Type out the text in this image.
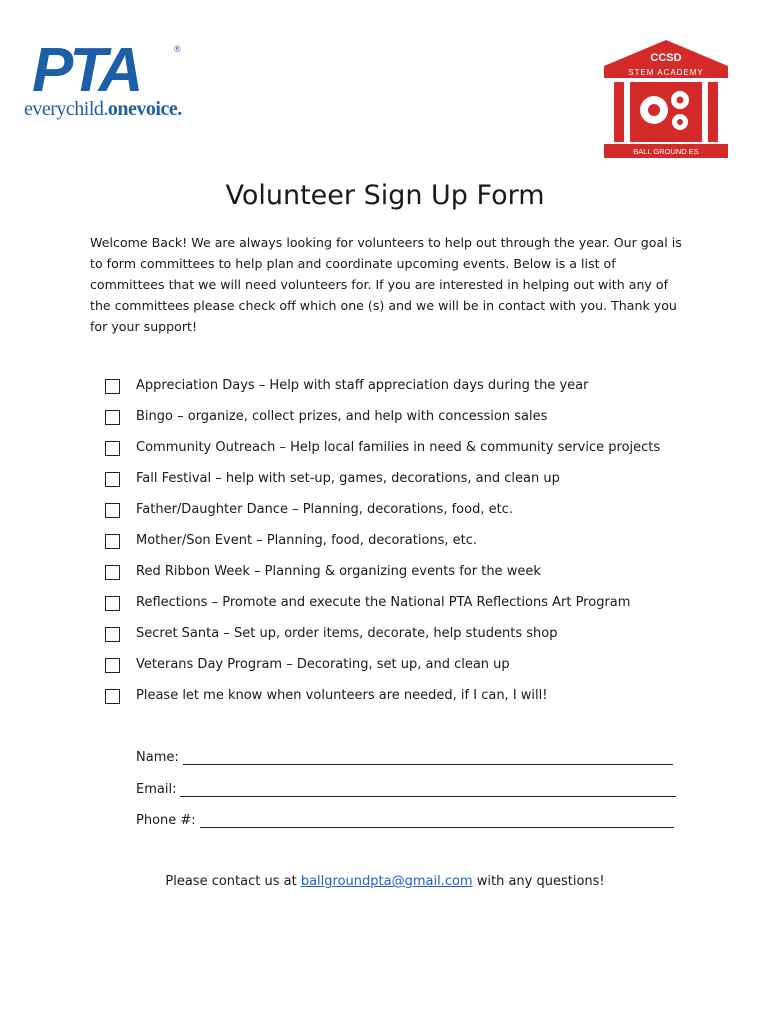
PTA	®
everychild.onevoice.
CCSD
STEM ACADEMY
BALL GROUND ES
Volunteer Sign Up Form
Welcome Back! We are always looking for volunteers to help out through the year. Our goal is to form committees to help plan and coordinate upcoming events. Below is a list of committees that we will need volunteers for. If you are interested in helping out with any of the committees please check off which one (s) and we will be in contact with you. Thank you for your support!
Appreciation Days – Help with staff appreciation days during the year
Bingo – organize, collect prizes, and help with concession sales
Community Outreach – Help local families in need & community service projects
Fall Festival – help with set-up, games, decorations, and clean up
Father/Daughter Dance – Planning, decorations, food, etc.
Mother/Son Event – Planning, food, decorations, etc.
Red Ribbon Week – Planning & organizing events for the week
Reflections – Promote and execute the National PTA Reflections Art Program
Secret Santa – Set up, order items, decorate, help students shop
Veterans Day Program – Decorating, set up, and clean up
Please let me know when volunteers are needed, if I can, I will!
Name:
Email:
Phone #:
Please contact us at ballgroundpta@gmail.com with any questions!
